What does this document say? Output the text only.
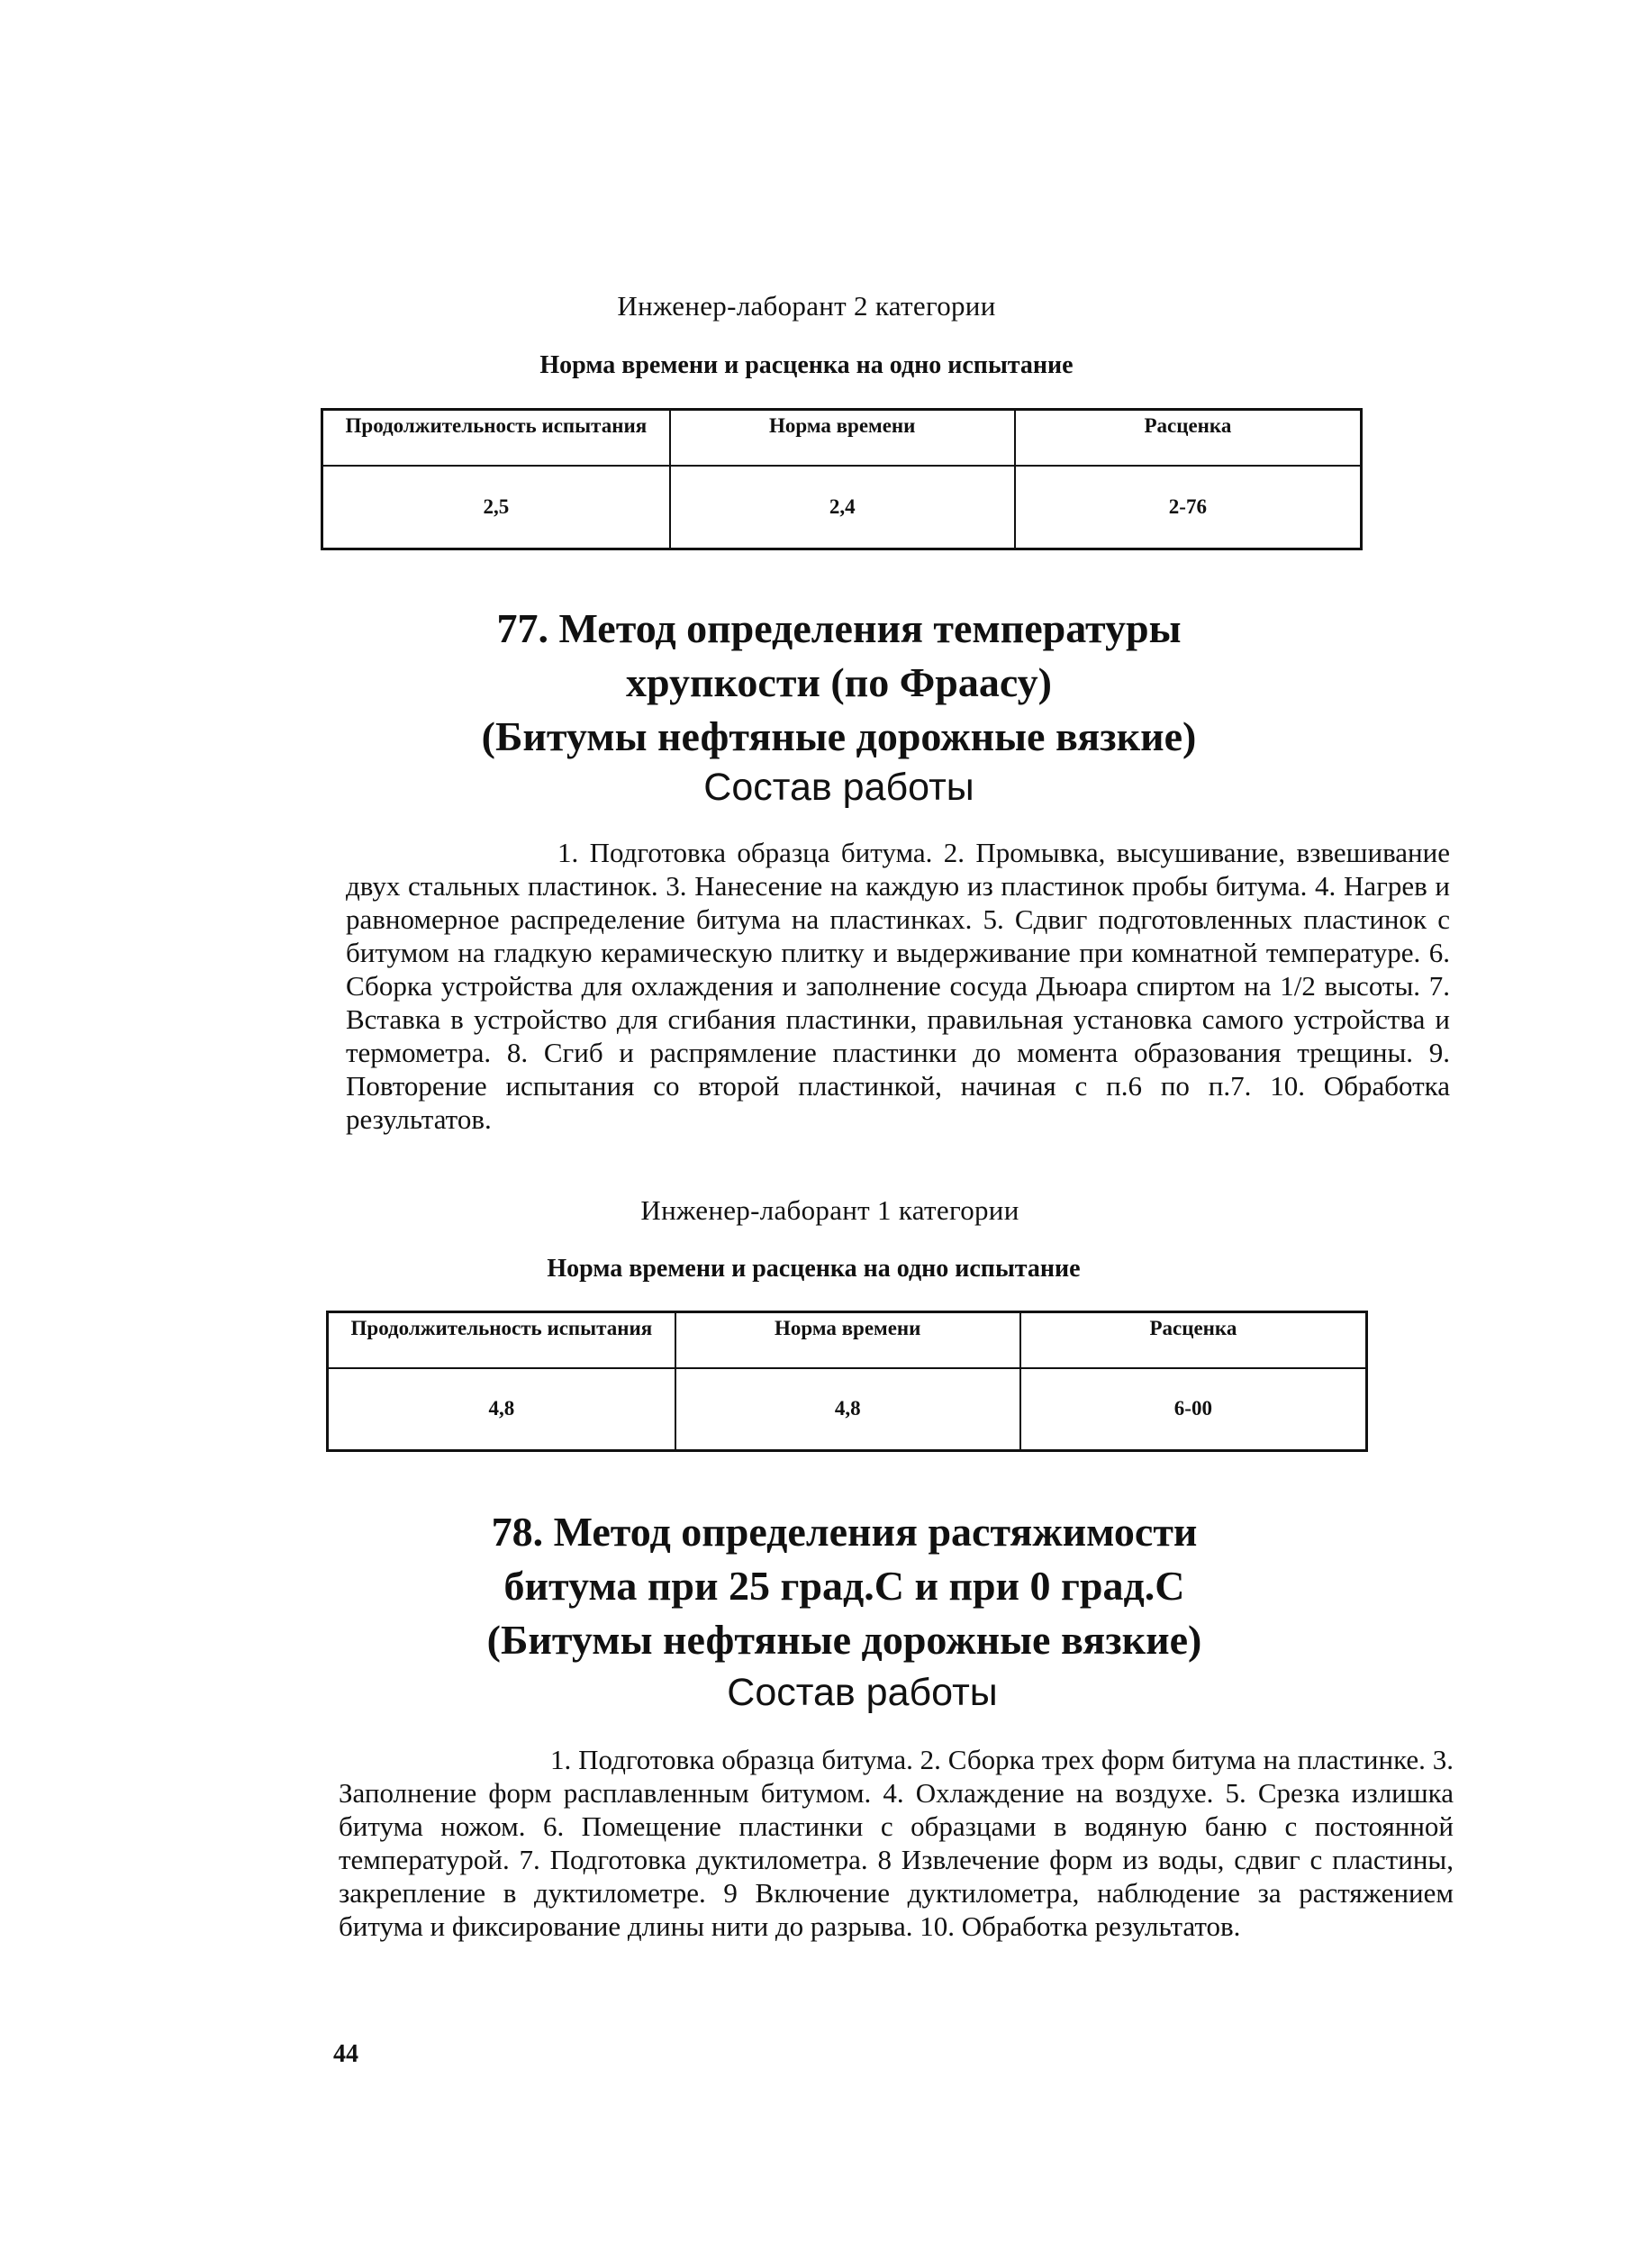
Инженер-лаборант 2 категории
Норма времени и расценка на одно испытание
Продолжительность испытания	Норма времени	Расценка
2,5	2,4	2-76
77. Метод определения температуры
хрупкости (по Фраасу)
(Битумы нефтяные дорожные вязкие)
Состав работы
1. Подготовка образца битума. 2. Промывка, высушивание, взвешивание двух стальных пластинок. 3. Нанесение на каждую из пластинок пробы битума. 4. Нагрев и равномерное распределение битума на пластинках. 5. Сдвиг подготовленных пластинок с битумом на гладкую керамическую плитку и выдерживание при комнатной температуре. 6. Сборка устройства для охлаждения и заполнение сосуда Дьюара спиртом на 1/2 высоты. 7. Вставка в устройство для сгибания пластинки, правильная установка самого устройства и термометра. 8. Сгиб и распрямление пластинки до момента образования трещины. 9. Повторение испытания со второй пластинкой, начиная с п.6 по п.7. 10. Обработка результатов.
Инженер-лаборант 1 категории
Норма времени и расценка на одно испытание
Продолжительность испытания	Норма времени	Расценка
4,8	4,8	6-00
78. Метод определения растяжимости
битума при 25 град.С и при 0 град.С
(Битумы нефтяные дорожные вязкие)
Состав работы
1. Подготовка образца битума. 2. Сборка трех форм битума на пластинке. 3. Заполнение форм расплавленным битумом. 4. Охлаждение на воздухе. 5. Срезка излишка битума ножом. 6. Помещение пластинки с образцами в водяную баню с постоянной температурой. 7. Подготовка дуктилометра. 8 Извлечение форм из воды, сдвиг с пластины, закрепление в дуктилометре. 9 Включение дуктилометра, наблюдение за растяжением битума и фиксирование длины нити до разрыва. 10. Обработка результатов.
44
